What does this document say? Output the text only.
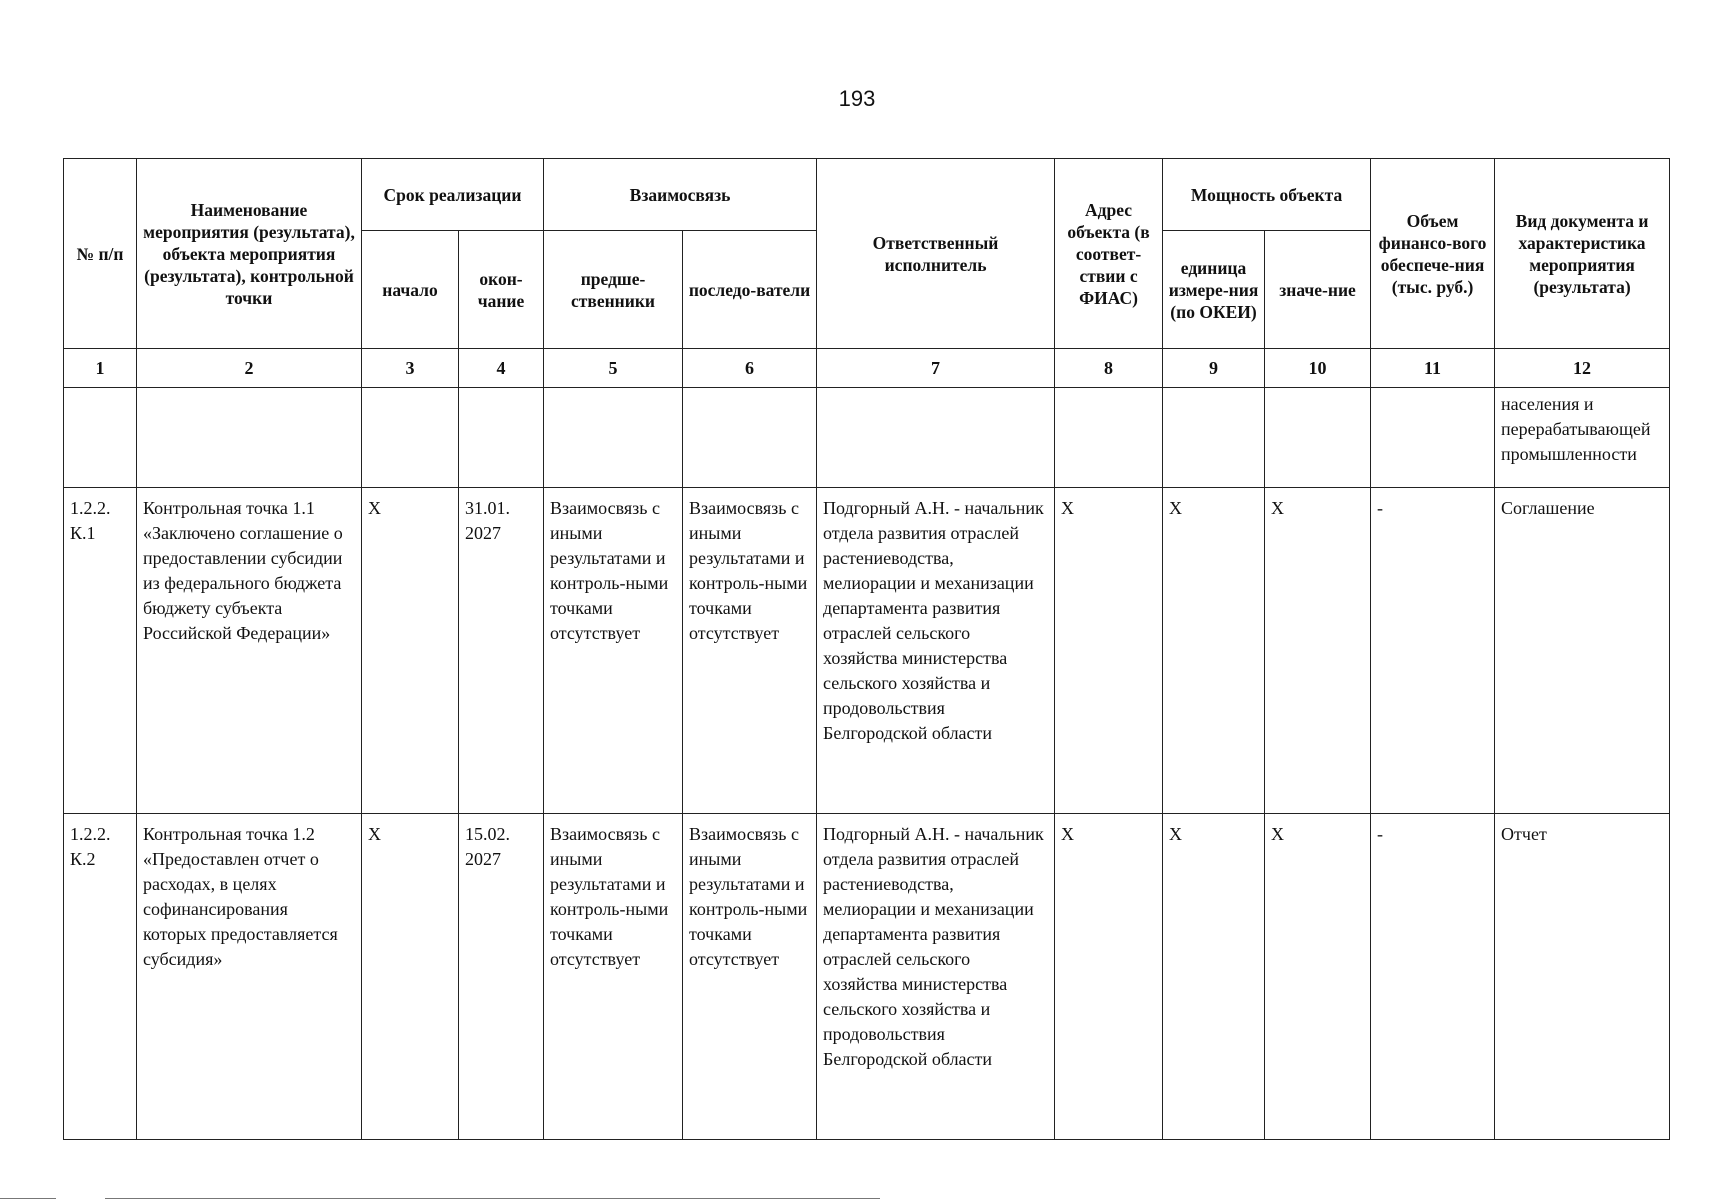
193
№ п/п	Наименование мероприятия (результата), объекта мероприятия (результата), контрольной точки	Срок реализации		Взаимосвязь		Ответственный исполнитель	Адрес объекта (в соответ-ствии с ФИАС)	Мощность объекта		Объем финансо-вого обеспече-ния (тыс. руб.)	Вид документа и характеристика мероприятия (результата)
		начало	окон-чание	предше-ственники	последо-ватели			единица измере-ния (по ОКЕИ)	значе-ние		
1	2	3	4	5	6	7	8	9	10	11	12
											населения и перерабатывающей промышленности
1.2.2. К.1	Контрольная точка 1.1 «Заключено соглашение о предоставлении субсидии из федерального бюджета бюджету субъекта Российской Федерации»	X	31.01. 2027	Взаимосвязь с иными результатами и контроль-ными точками отсутствует	Взаимосвязь с иными результатами и контроль-ными точками отсутствует	Подгорный А.Н. - начальник отдела развития отраслей растениеводства, мелиорации и механизации департамента развития отраслей сельского хозяйства министерства сельского хозяйства и продовольствия Белгородской области	X	X	X	-	Соглашение
1.2.2. К.2	Контрольная точка 1.2 «Предоставлен отчет о расходах, в целях софинансирования которых предоставляется субсидия»	X	15.02. 2027	Взаимосвязь с иными результатами и контроль-ными точками отсутствует	Взаимосвязь с иными результатами и контроль-ными точками отсутствует	Подгорный А.Н. - начальник отдела развития отраслей растениеводства, мелиорации и механизации департамента развития отраслей сельского хозяйства министерства сельского хозяйства и продовольствия Белгородской области	X	X	X	-	Отчет
